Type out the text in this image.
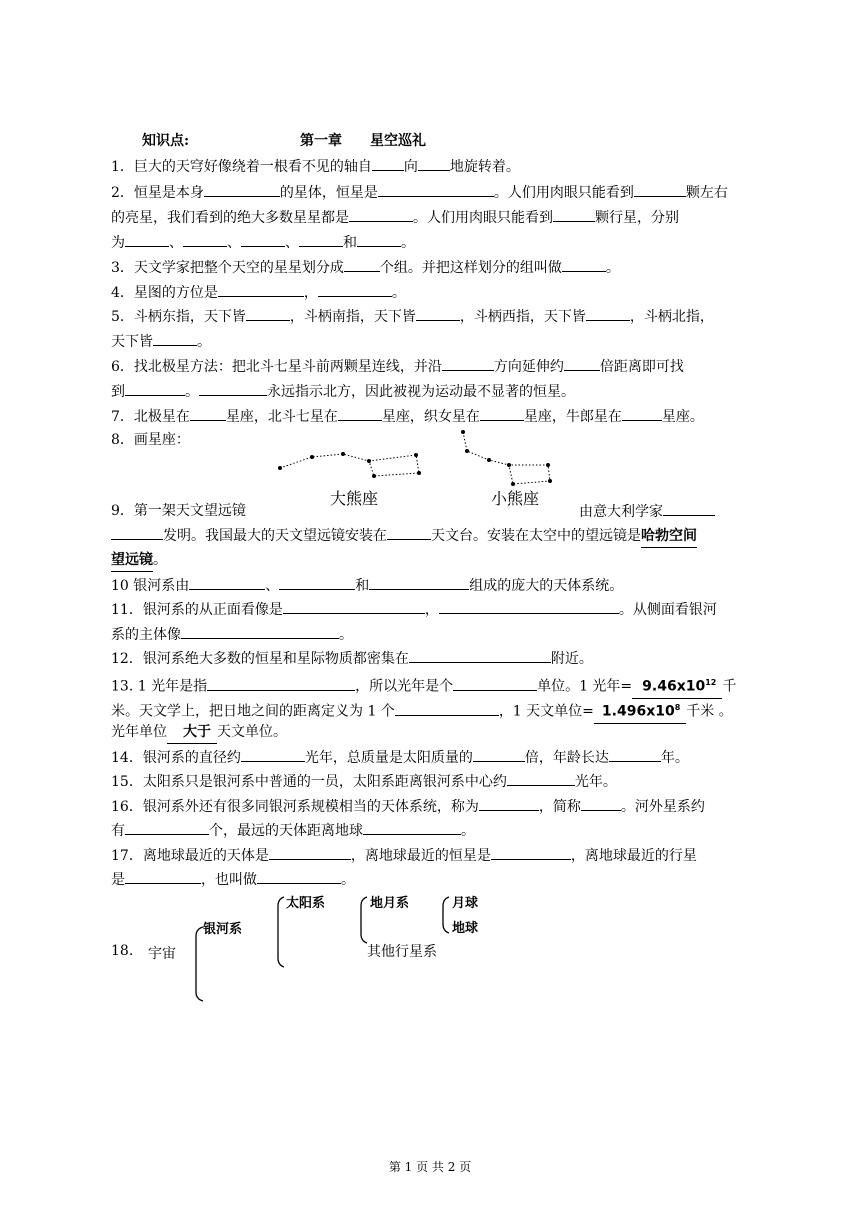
知识点:	第一章 星空巡礼
1．巨大的天穹好像绕着一根看不见的轴自 向 地旋转着。
2．恒星是本身	的星体，恒星是	。人们用肉眼只能看到	颗左右
的亮星，我们看到的绝大多数星星都是	。人们用肉眼只能看到	颗行星，分别
为	、	、	、	和	。
3．天文学家把整个天空的星星划分成	个组。并把这样划分的组叫做	。
4．星图的方位是	，	。
5．斗柄东指，天下皆	，斗柄南指，天下皆	，斗柄西指，天下皆	，斗柄北指，
天下皆	。
6．找北极星方法：把北斗七星斗前两颗星连线，并沿	方向延伸约	倍距离即可找
到	。	永远指示北方，因此被视为运动最不显著的恒星。
7．北极星在	星座，北斗七星在	星座，织女星在	星座，牛郎星在	星座。
8．画星座：
大熊座	小熊座
9．第一架天文望远镜	由意大利学家
发明。我国最大的天文望远镜安装在	天文台。安装在太空中的望远镜是哈勃空间
望远镜。
10 银河系由	、	和	组成的庞大的天体系统。
11．银河系的从正面看像是	，	。从侧面看银河
系的主体像	。
12．银河系绝大多数的恒星和星际物质都密集在	附近。
13. 1 光年是指	，所以光年是个	单位。1 光年= $9.46x10^{12}$ 千
米。天文学上，把日地之间的距离定义为 1 个	，1 天文单位= $1.496x10^8$ 千米 。
光年单位 大于 天文单位。
14．银河系的直径约	光年，总质量是太阳质量的	倍，年龄长达	年。
15．太阳系只是银河系中普通的一员，太阳系距离银河系中心约	光年。
16．银河系外还有很多同银河系规模相当的天体系统，称为	，简称	。河外星系约
有	个，最远的天体距离地球	。
17．离地球最近的天体是	，离地球最近的恒星是	，离地球最近的行星
是	，也叫做	。
18. 宇宙
银河系
太阳系	地月系	月球
地球
其他行星系
第 1 页 共 2 页
